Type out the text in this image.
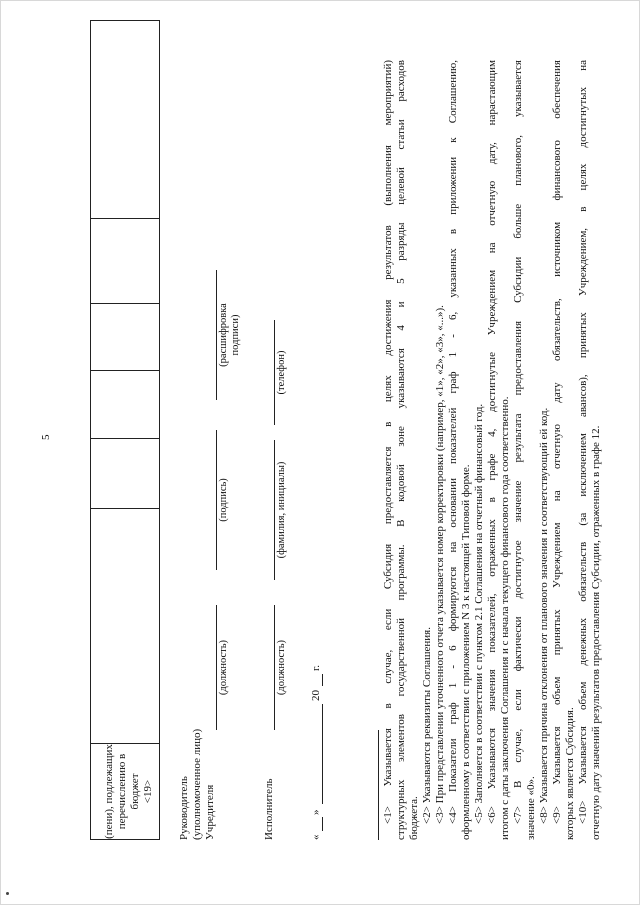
5
(пени), подлежащих перечислению в бюджет <19> Руководитель (уполномоченное лицо) Учредителя
(должность)
(подпись)
(расшифровка подписи)
Исполнитель
(должность)
(фамилия, инициалы)
(телефон)
«
»
20
г.	<1> Указывается в случае, если Субсидия предоставляется в целях достижения результатов (выполнения мероприятий) структурных элементов государственной программы. В кодовой зоне указываются 4 и 5 разряды целевой статьи расходов бюджета. <2> Указываются реквизиты Соглашения. <3> При представлении уточненного отчета указывается номер корректировки (например, «1», «2», «3», «...»). <4> Показатели граф 1 - 6 формируются на основании показателей граф 1 - 6, указанных в приложении к Соглашению, оформленному в соответствии с приложением N 3 к настоящей Типовой форме. <5> Заполняется в соответствии с пунктом 2.1 Соглашения на отчетный финансовый год. <6> Указываются значения показателей, отраженных в графе 4, достигнутые Учреждением на отчетную дату, нарастающим итогом с даты заключения Соглашения и с начала текущего финансового года соответственно. <7> В случае, если фактически достигнутое значение результата предоставления Субсидии больше планового, указывается значение «0». <8> Указывается причина отклонения от планового значения и соответствующий ей код. <9> Указывается объем принятых Учреждением на отчетную дату обязательств, источником финансового обеспечения которых является Субсидия. <10> Указывается объем денежных обязательств (за исключением авансов), принятых Учреждением, в целях достигнутых на отчетную дату значений результатов предоставления Субсидии, отраженных в графе 12.
